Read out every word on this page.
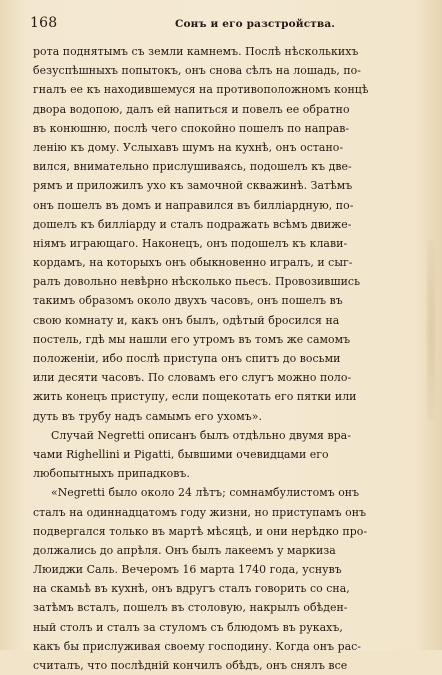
168	Сонъ и его разстройства.
рота поднятымъ съ земли камнемъ. Послѣ нѣсколькихъ
безуспѣшныхъ попытокъ, онъ снова сѣлъ на лошадь, по-
гналъ ее къ находившемуся на противоположномъ концѣ
двора водопою, далъ ей напиться и повелъ ее обратно
въ конюшню, послѣ чего спокойно пошелъ по направ-
ленію къ дому. Услыхавъ шумъ на кухнѣ, онъ остано-
вился, внимательно прислушиваясь, подошелъ къ две-
рямъ и приложилъ ухо къ замочной скважинѣ. Затѣмъ
онъ пошелъ въ домъ и направился въ билліардную, по-
дошелъ къ билліарду и сталъ подражать всѣмъ движе-
ніямъ играющаго. Наконецъ, онъ подошелъ къ клави-
кордамъ, на которыхъ онъ обыкновенно игралъ, и сыг-
ралъ довольно невѣрно нѣсколько пьесъ. Провозившись
такимъ образомъ около двухъ часовъ, онъ пошелъ въ
свою комнату и, какъ онъ былъ, одѣтый бросился на
постель, гдѣ мы нашли его утромъ въ томъ же самомъ
положеніи, ибо послѣ приступа онъ спитъ до восьми
или десяти часовъ. По словамъ его слугъ можно поло-
жить конецъ приступу, если пощекотать его пятки или
дуть въ трубу надъ самымъ его ухомъ».
Случай Negretti описанъ былъ отдѣльно двумя вра-
чами Righellini и Pigatti, бывшими очевидцами его
любопытныхъ припадковъ.
«Negretti было около 24 лѣтъ; сомнамбулистомъ онъ
сталъ на одиннадцатомъ году жизни, но приступамъ онъ
подвергался только въ мартѣ мѣсяцѣ, и они нерѣдко про-
должались до апрѣля. Онъ былъ лакеемъ у маркиза
Люиджи Саль. Вечеромъ 16 марта 1740 года, уснувъ
на скамьѣ въ кухнѣ, онъ вдругъ сталъ говорить со сна,
затѣмъ всталъ, пошелъ въ столовую, накрылъ обѣден-
ный столъ и сталъ за стуломъ съ блюдомъ въ рукахъ,
какъ бы прислуживая своему господину. Когда онъ рас-
считалъ, что послѣдній кончилъ обѣдъ, онъ снялъ все
